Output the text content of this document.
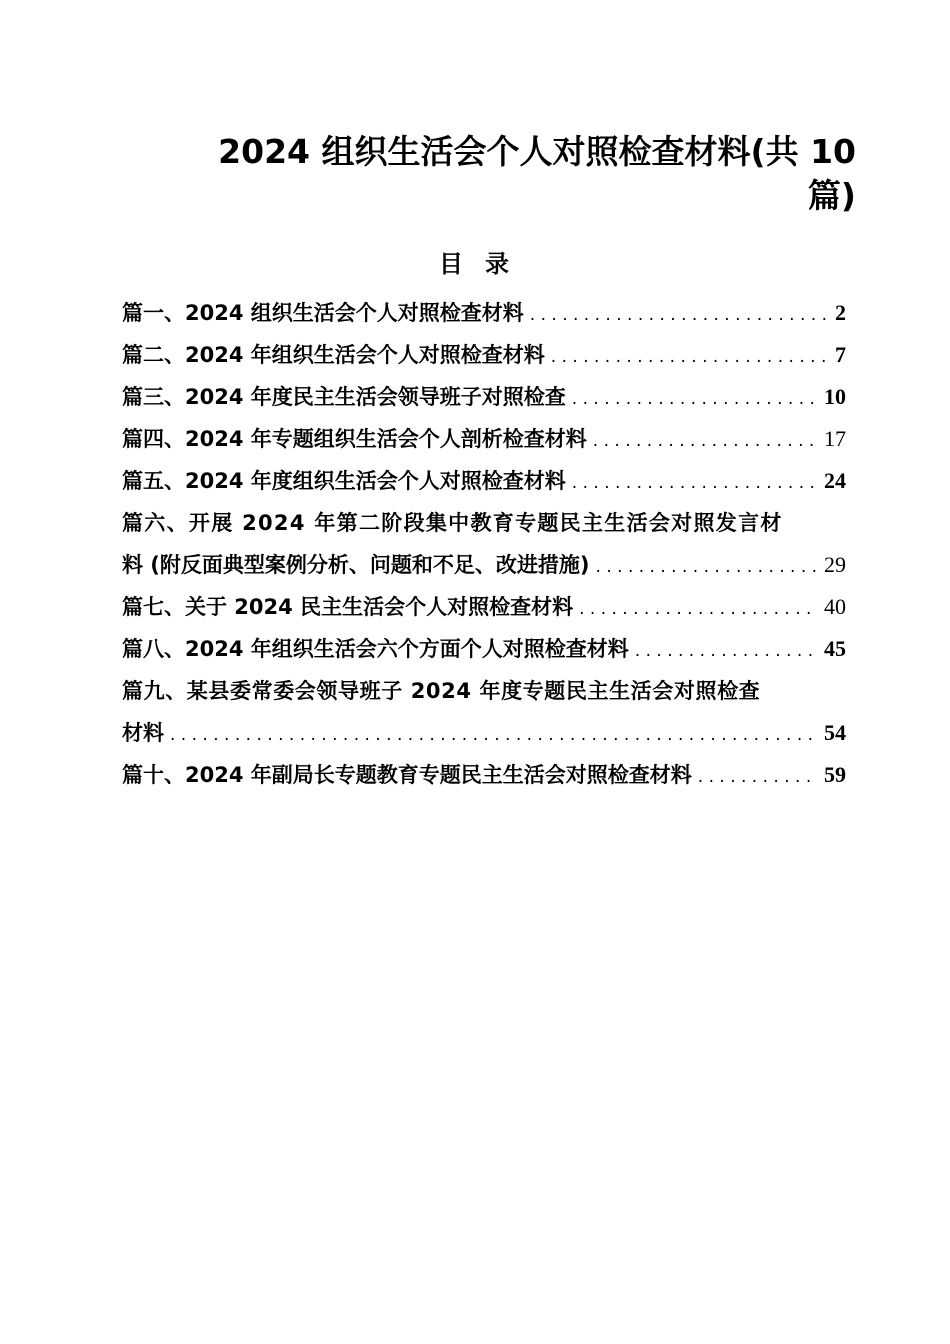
2024 组织生活会个人对照检查材料(共 10
篇)
目录
篇一、2024 组织生活会个人对照检查材料 . . .	2
篇二、2024 年组织生活会个人对照检查材料 . . .	7
篇三、2024 年度民主生活会领导班子对照检查 . . .	10
篇四、2024 年专题组织生活会个人剖析检查材料 . . .	17
篇五、2024 年度组织生活会个人对照检查材料 . . .	24
篇六、开展 2024 年第二阶段集中教育专题民主生活会对照发言材
料 (附反面典型案例分析、问题和不足、改进措施) . . .	29
篇七、关于 2024 民主生活会个人对照检查材料 . . .	40
篇八、2024 年组织生活会六个方面个人对照检查材料 . . .	45
篇九、某县委常委会领导班子 2024 年度专题民主生活会对照检查
材料 . . .	54
篇十、2024 年副局长专题教育专题民主生活会对照检查材料 . . .	59
